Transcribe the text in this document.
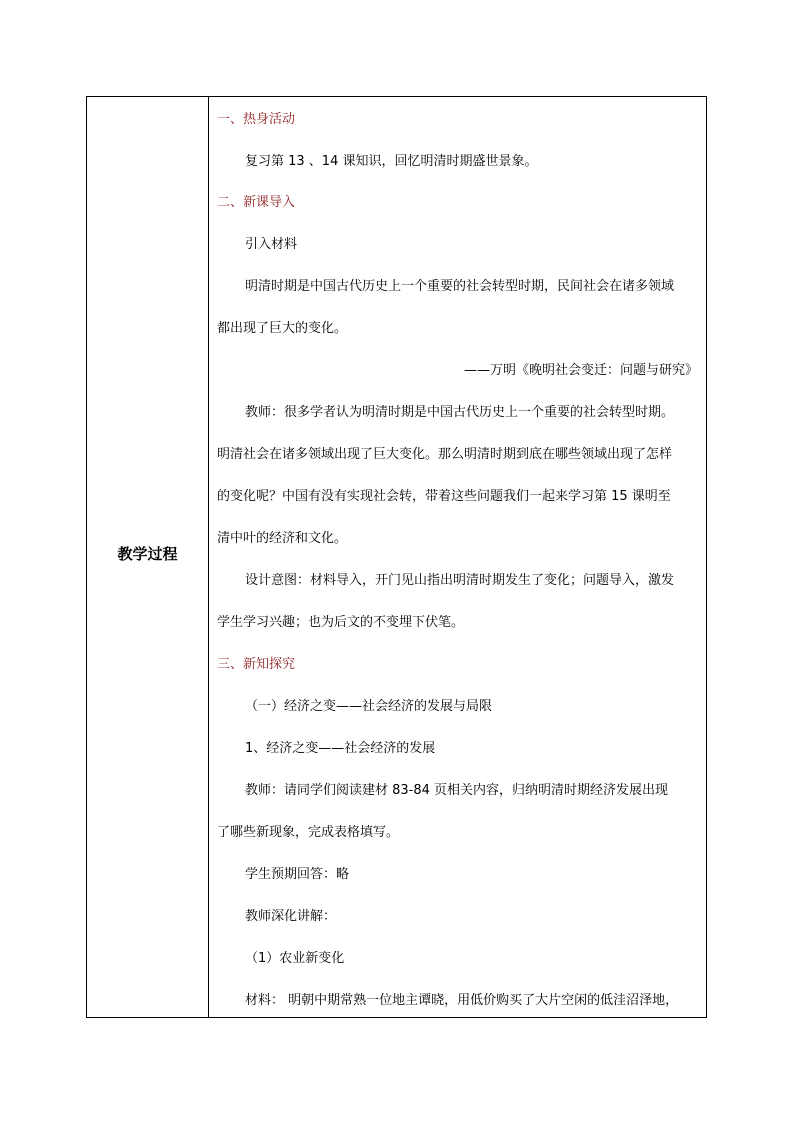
教学过程
一、热身活动
复习第 13 、14 课知识，回忆明清时期盛世景象。
二、新课导入
引入材料
明清时期是中国古代历史上一个重要的社会转型时期，民间社会在诸多领域
都出现了巨大的变化。
——万明《晚明社会变迁：问题与研究》
教师：很多学者认为明清时期是中国古代历史上一个重要的社会转型时期。
明清社会在诸多领域出现了巨大变化。那么明清时期到底在哪些领域出现了怎样
的变化呢？中国有没有实现社会转，带着这些问题我们一起来学习第 15 课明至
清中叶的经济和文化。
设计意图：材料导入，开门见山指出明清时期发生了变化；问题导入，激发
学生学习兴趣；也为后文的不变埋下伏笔。
三、新知探究
（一）经济之变——社会经济的发展与局限
1、经济之变——社会经济的发展
教师：请同学们阅读建材 83-84 页相关内容，归纳明清时期经济发展出现
了哪些新现象，完成表格填写。
学生预期回答：略
教师深化讲解：
（1）农业新变化
材料： 明朝中期常熟一位地主谭晓，用低价购买了大片空闲的低洼沼泽地，
